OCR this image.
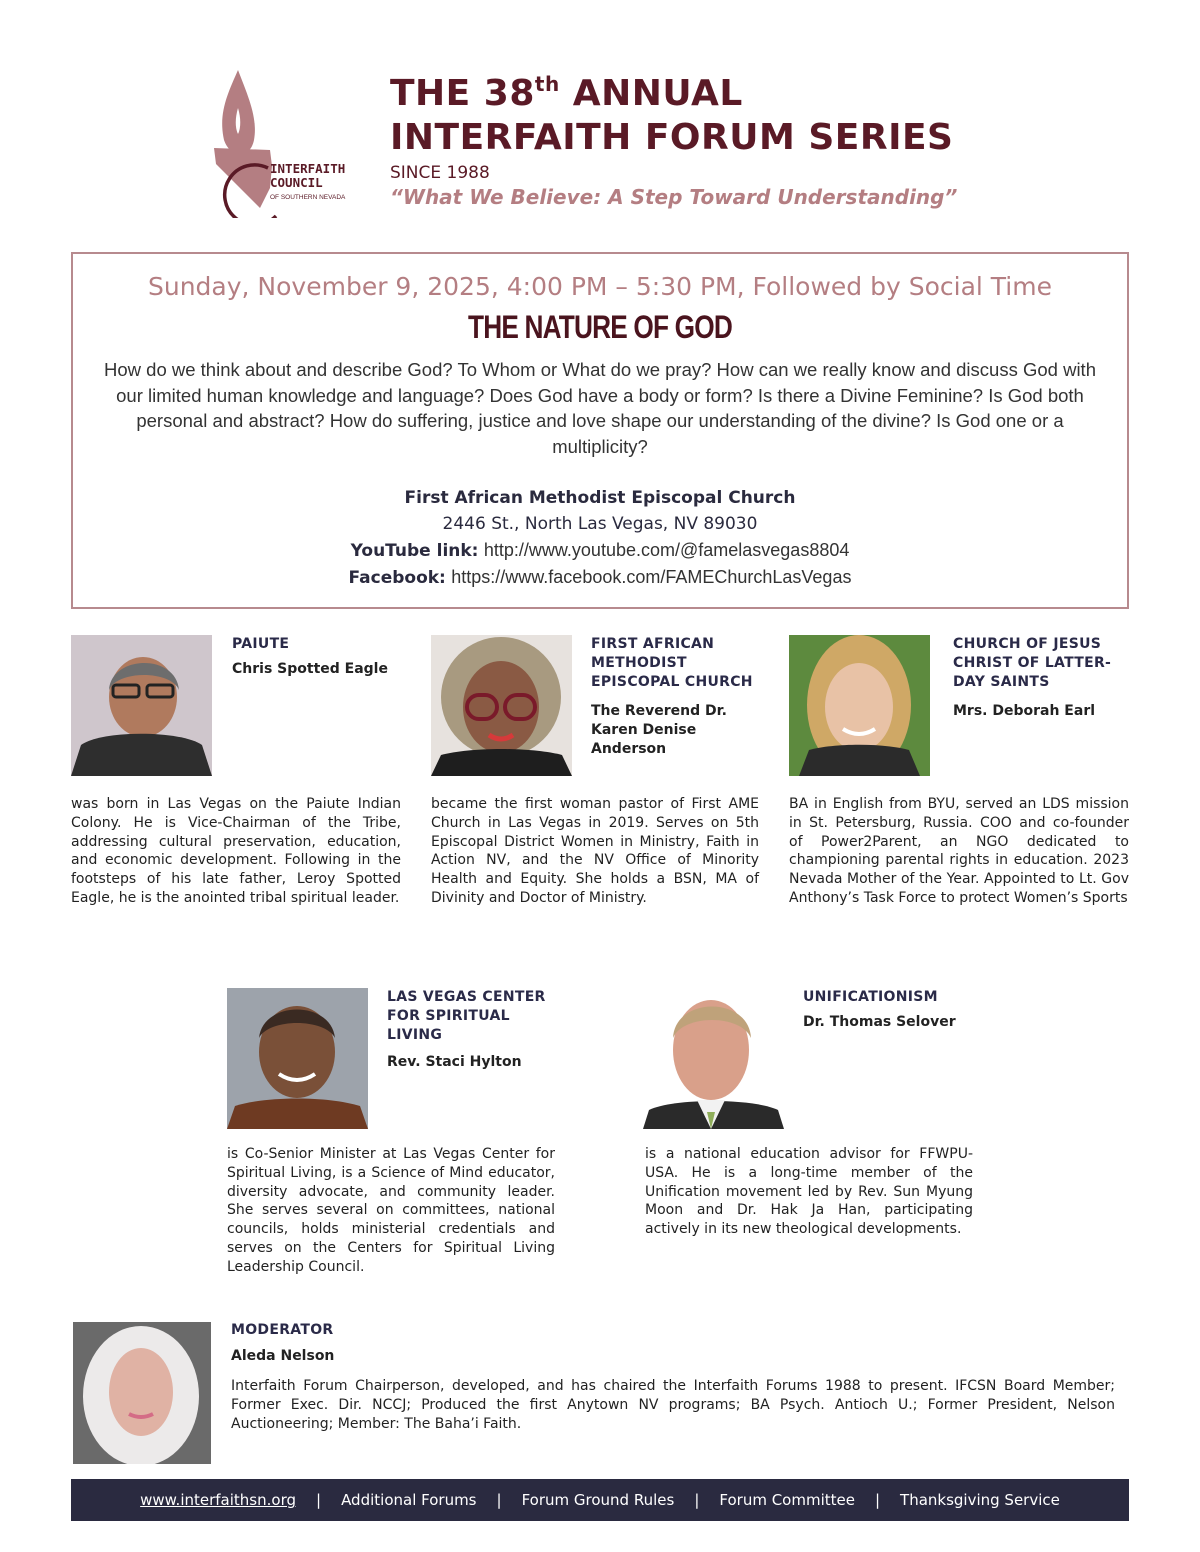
INTERFAITH
COUNCIL
OF SOUTHERN NEVADA
THE 38th ANNUAL
INTERFAITH FORUM SERIES
SINCE 1988
“What We Believe: A Step Toward Understanding”
Sunday, November 9, 2025, 4:00 PM – 5:30 PM, Followed by Social Time
THE NATURE OF GOD
How do we think about and describe God? To Whom or What do we pray? How can we really know and discuss God with our limited human knowledge and language? Does God have a body or form? Is there a Divine Feminine? Is God both personal and abstract? How do suffering, justice and love shape our understanding of the divine? Is God one or a multiplicity?
First African Methodist Episcopal Church
2446 St., North Las Vegas, NV 89030
YouTube link: http://www.youtube.com/@famelasvegas8804
Facebook: https://www.facebook.com/FAMEChurchLasVegas
PAIUTE
Chris Spotted Eagle
was born in Las Vegas on the Paiute Indian Colony. He is Vice-Chairman of the Tribe, addressing cultural preservation, education, and economic development. Following in the footsteps of his late father, Leroy Spotted Eagle, he is the anointed tribal spiritual leader.
FIRST AFRICAN METHODIST EPISCOPAL CHURCH
The Reverend Dr. Karen Denise Anderson
became the first woman pastor of First AME Church in Las Vegas in 2019. Serves on 5th Episcopal District Women in Ministry, Faith in Action NV, and the NV Office of Minority Health and Equity. She holds a BSN, MA of Divinity and Doctor of Ministry.
CHURCH OF JESUS CHRIST OF LATTER-DAY SAINTS
Mrs. Deborah Earl
BA in English from BYU, served an LDS mission in St. Petersburg, Russia. COO and co-founder of Power2Parent, an NGO dedicated to championing parental rights in education. 2023 Nevada Mother of the Year. Appointed to Lt. Gov Anthony’s Task Force to protect Women’s Sports
LAS VEGAS CENTER FOR SPIRITUAL LIVING
Rev. Staci Hylton
is Co-Senior Minister at Las Vegas Center for Spiritual Living, is a Science of Mind educator, diversity advocate, and community leader. She serves several on committees, national councils, holds ministerial credentials and serves on the Centers for Spiritual Living Leadership Council.
UNIFICATIONISM
Dr. Thomas Selover
is a national education advisor for FFWPU-USA. He is a long-time member of the Unification movement led by Rev. Sun Myung Moon and Dr. Hak Ja Han, participating actively in its new theological developments.
MODERATOR
Aleda Nelson
Interfaith Forum Chairperson, developed, and has chaired the Interfaith Forums 1988 to present. IFCSN Board Member; Former Exec. Dir. NCCJ; Produced the first Anytown NV programs; BA Psych. Antioch U.; Former President, Nelson Auctioneering; Member: The Baha’i Faith.
www.interfaithsn.org | Additional Forums | Forum Ground Rules | Forum Committee | Thanksgiving Service
